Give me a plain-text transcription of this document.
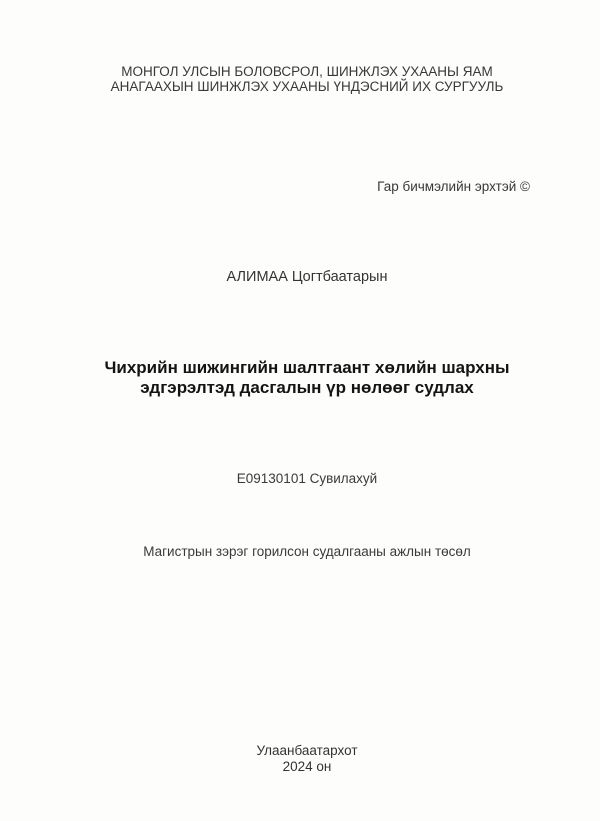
МОНГОЛ УЛСЫН БОЛОВСРОЛ, ШИНЖЛЭХ УХААНЫ ЯАМ
АНАГААХЫН ШИНЖЛЭХ УХААНЫ ҮНДЭСНИЙ ИХ СУРГУУЛЬ
Гар бичмэлийн эрхтэй ©
АЛИМАА Цогтбаатарын
Чихрийн шижингийн шалтгаант хөлийн шархны
эдгэрэлтэд дасгалын үр нөлөөг судлах
Е09130101 Сувилахуй
Магистрын зэрэг горилсон судалгааны ажлын төсөл
Улаанбаатархот
2024 он
